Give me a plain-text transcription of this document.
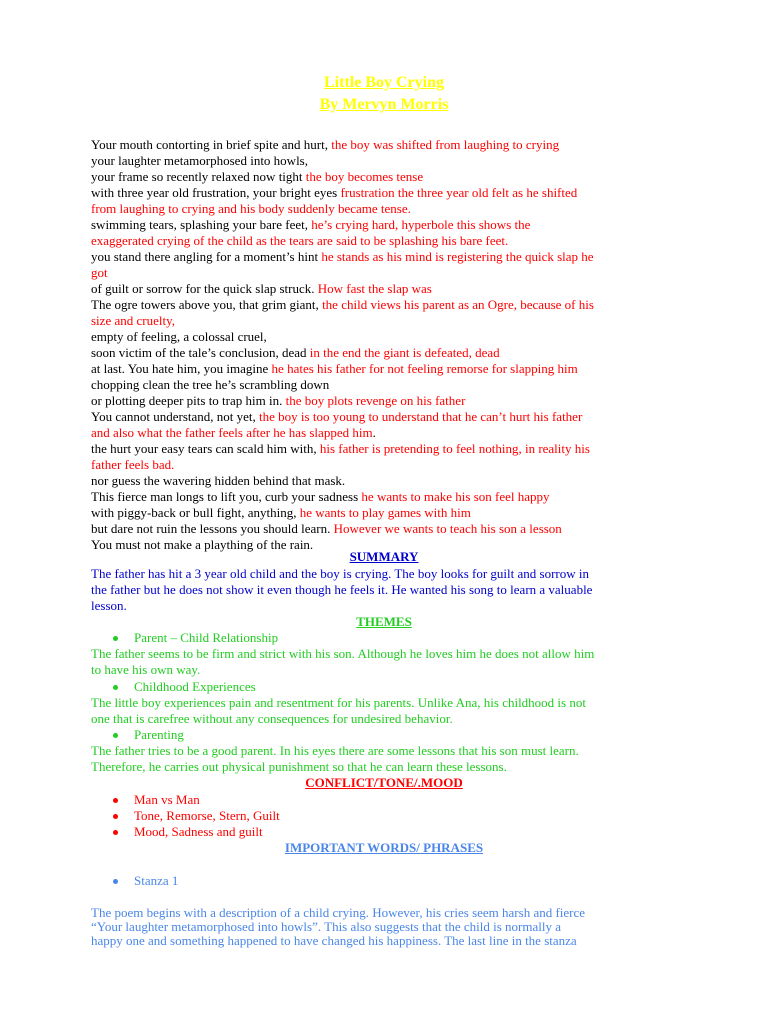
Little Boy Crying
By Mervyn Morris
Your mouth contorting in brief spite and hurt, the boy was shifted from laughing to crying
your laughter metamorphosed into howls,
your frame so recently relaxed now tight the boy becomes tense
with three year old frustration, your bright eyes frustration the three year old felt as he shifted
from laughing to crying and his body suddenly became tense.
swimming tears, splashing your bare feet, he’s crying hard, hyperbole this shows the
exaggerated crying of the child as the tears are said to be splashing his bare feet.
you stand there angling for a moment’s hint he stands as his mind is registering the quick slap he
got
of guilt or sorrow for the quick slap struck. How fast the slap was
The ogre towers above you, that grim giant, the child views his parent as an Ogre, because of his
size and cruelty,
empty of feeling, a colossal cruel,
soon victim of the tale’s conclusion, dead in the end the giant is defeated, dead
at last. You hate him, you imagine he hates his father for not feeling remorse for slapping him
chopping clean the tree he’s scrambling down
or plotting deeper pits to trap him in. the boy plots revenge on his father
You cannot understand, not yet, the boy is too young to understand that he can’t hurt his father
and also what the father feels after he has slapped him.
the hurt your easy tears can scald him with, his father is pretending to feel nothing, in reality his
father feels bad.
nor guess the wavering hidden behind that mask.
This fierce man longs to lift you, curb your sadness he wants to make his son feel happy
with piggy-back or bull fight, anything, he wants to play games with him
but dare not ruin the lessons you should learn. However we wants to teach his son a lesson
You must not make a plaything of the rain.
SUMMARY
The father has hit a 3 year old child and the boy is crying. The boy looks for guilt and sorrow in
the father but he does not show it even though he feels it. He wanted his song to learn a valuable
lesson.
THEMES
Parent – Child Relationship
The father seems to be firm and strict with his son. Although he loves him he does not allow him
to have his own way.
Childhood Experiences
The little boy experiences pain and resentment for his parents. Unlike Ana, his childhood is not
one that is carefree without any consequences for undesired behavior.
Parenting
The father tries to be a good parent. In his eyes there are some lessons that his son must learn.
Therefore, he carries out physical punishment so that he can learn these lessons.
CONFLICT/TONE/.MOOD
Man vs Man
Tone, Remorse, Stern, Guilt
Mood, Sadness and guilt
IMPORTANT WORDS/ PHRASES
Stanza 1
The poem begins with a description of a child crying. However, his cries seem harsh and fierce
“Your laughter metamorphosed into howls”. This also suggests that the child is normally a
happy one and something happened to have changed his happiness. The last line in the stanza
